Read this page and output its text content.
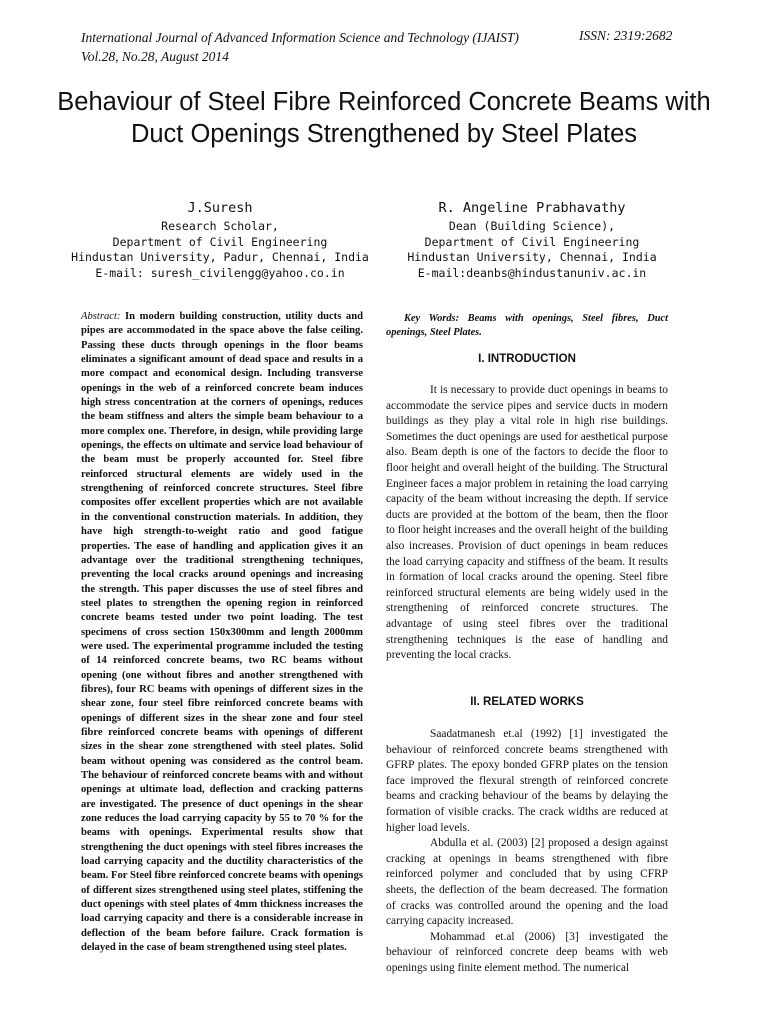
International Journal of Advanced Information Science and Technology (IJAIST)
Vol.28, No.28, August 2014
ISSN: 2319:2682
Behaviour of Steel Fibre Reinforced Concrete Beams with Duct Openings Strengthened by Steel Plates
J.Suresh
Research Scholar,
Department of Civil Engineering
Hindustan University, Padur, Chennai, India
E-mail: suresh_civilengg@yahoo.co.in
R. Angeline Prabhavathy
Dean (Building Science),
Department of Civil Engineering
Hindustan University, Chennai, India
E-mail:deanbs@hindustanuniv.ac.in
Abstract: In modern building construction, utility ducts and pipes are accommodated in the space above the false ceiling. Passing these ducts through openings in the floor beams eliminates a significant amount of dead space and results in a more compact and economical design. Including transverse openings in the web of a reinforced concrete beam induces high stress concentration at the corners of openings, reduces the beam stiffness and alters the simple beam behaviour to a more complex one. Therefore, in design, while providing large openings, the effects on ultimate and service load behaviour of the beam must be properly accounted for. Steel fibre reinforced structural elements are widely used in the strengthening of reinforced concrete structures. Steel fibre composites offer excellent properties which are not available in the conventional construction materials. In addition, they have high strength-to-weight ratio and good fatigue properties. The ease of handling and application gives it an advantage over the traditional strengthening techniques, preventing the local cracks around openings and increasing the strength. This paper discusses the use of steel fibres and steel plates to strengthen the opening region in reinforced concrete beams tested under two point loading. The test specimens of cross section 150x300mm and length 2000mm were used. The experimental programme included the testing of 14 reinforced concrete beams, two RC beams without opening (one without fibres and another strengthened with fibres), four RC beams with openings of different sizes in the shear zone, four steel fibre reinforced concrete beams with openings of different sizes in the shear zone and four steel fibre reinforced concrete beams with openings of different sizes in the shear zone strengthened with steel plates. Solid beam without opening was considered as the control beam. The behaviour of reinforced concrete beams with and without openings at ultimate load, deflection and cracking patterns are investigated. The presence of duct openings in the shear zone reduces the load carrying capacity by 55 to 70 % for the beams with openings. Experimental results show that strengthening the duct openings with steel fibres increases the load carrying capacity and the ductility characteristics of the beam. For Steel fibre reinforced concrete beams with openings of different sizes strengthened using steel plates, stiffening the duct openings with steel plates of 4mm thickness increases the load carrying capacity and there is a considerable increase in deflection of the beam before failure. Crack formation is delayed in the case of beam strengthened using steel plates.
Key Words: Beams with openings, Steel fibres, Duct openings, Steel Plates.
I. INTRODUCTION

It is necessary to provide duct openings in beams to accommodate the service pipes and service ducts in modern buildings as they play a vital role in high rise buildings. Sometimes the duct openings are used for aesthetical purpose also. Beam depth is one of the factors to decide the floor to floor height and overall height of the building. The Structural Engineer faces a major problem in retaining the load carrying capacity of the beam without increasing the depth. If service ducts are provided at the bottom of the beam, then the floor to floor height increases and the overall height of the building also increases. Provision of duct openings in beam reduces the load carrying capacity and stiffness of the beam. It results in formation of local cracks around the opening. Steel fibre reinforced structural elements are being widely used in the strengthening of reinforced concrete structures. The advantage of using steel fibres over the traditional strengthening techniques is the ease of handling and preventing the local cracks.

II. RELATED WORKS

Saadatmanesh et.al (1992) [1] investigated the behaviour of reinforced concrete beams strengthened with GFRP plates. The epoxy bonded GFRP plates on the tension face improved the flexural strength of reinforced concrete beams and cracking behaviour of the beams by delaying the formation of visible cracks. The crack widths are reduced at higher load levels.

Abdulla et al. (2003) [2] proposed a design against cracking at openings in beams strengthened with fibre reinforced polymer and concluded that by using CFRP sheets, the deflection of the beam decreased. The formation of cracks was controlled around the opening and the load carrying capacity increased.

Mohammad et.al (2006) [3] investigated the behaviour of reinforced concrete deep beams with web openings using finite element method. The numerical
